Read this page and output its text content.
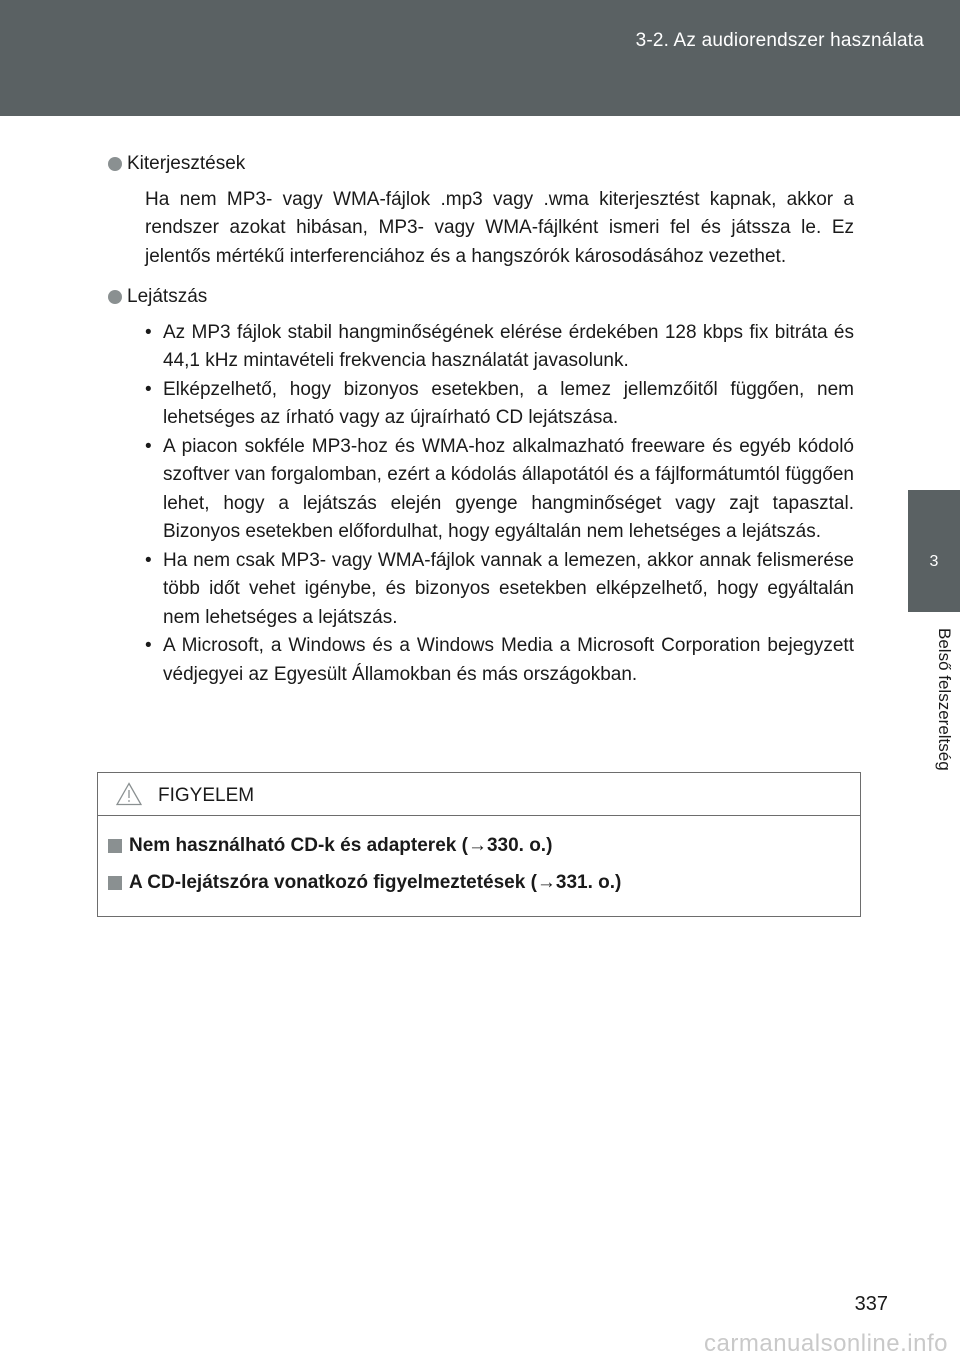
3-2. Az audiorendszer használata
3
Belső felszereltség
Kiterjesztések
Ha nem MP3- vagy WMA-fájlok .mp3 vagy .wma kiterjesztést kapnak, akkor a rendszer azokat hibásan, MP3- vagy WMA-fájlként ismeri fel és játssza le. Ez jelentős mértékű interferenciához és a hangszórók károsodásához vezethet.
Lejátszás
• Az MP3 fájlok stabil hangminőségének elérése érdekében 128 kbps fix bitráta és 44,1 kHz mintavételi frekvencia használatát javasolunk.
• Elképzelhető, hogy bizonyos esetekben, a lemez jellemzőitől függően, nem lehetséges az írható vagy az újraírható CD lejátszása.
• A piacon sokféle MP3-hoz és WMA-hoz alkalmazható freeware és egyéb kódoló szoftver van forgalomban, ezért a kódolás állapotától és a fájlformátumtól függően lehet, hogy a lejátszás elején gyenge hangminőséget vagy zajt tapasztal. Bizonyos esetekben előfordulhat, hogy egyáltalán nem lehetséges a lejátszás.
• Ha nem csak MP3- vagy WMA-fájlok vannak a lemezen, akkor annak felismerése több időt vehet igénybe, és bizonyos esetekben elképzelhető, hogy egyáltalán nem lehetséges a lejátszás.
• A Microsoft, a Windows és a Windows Media a Microsoft Corporation bejegyzett védjegyei az Egyesült Államokban és más országokban.
FIGYELEM
Nem használható CD-k és adapterek (→330. o.)
A CD-lejátszóra vonatkozó figyelmeztetések (→331. o.)
337
carmanualsonline.info
